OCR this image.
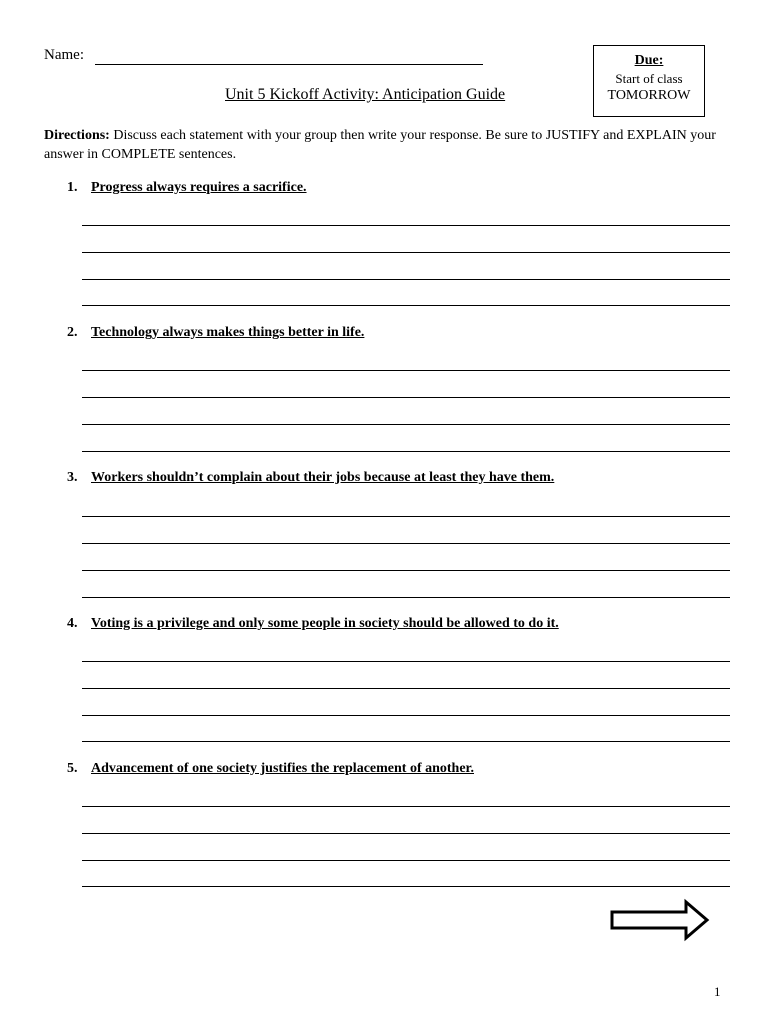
Name:	Due:
Start of class
TOMORROW
Unit 5 Kickoff Activity: Anticipation Guide
Directions: Discuss each statement with your group then write your response. Be sure to JUSTIFY and EXPLAIN your answer in COMPLETE sentences.
1. Progress always requires a sacrifice.
2. Technology always makes things better in life.
3. Workers shouldn’t complain about their jobs because at least they have them.
4. Voting is a privilege and only some people in society should be allowed to do it.
5. Advancement of one society justifies the replacement of another.
1
